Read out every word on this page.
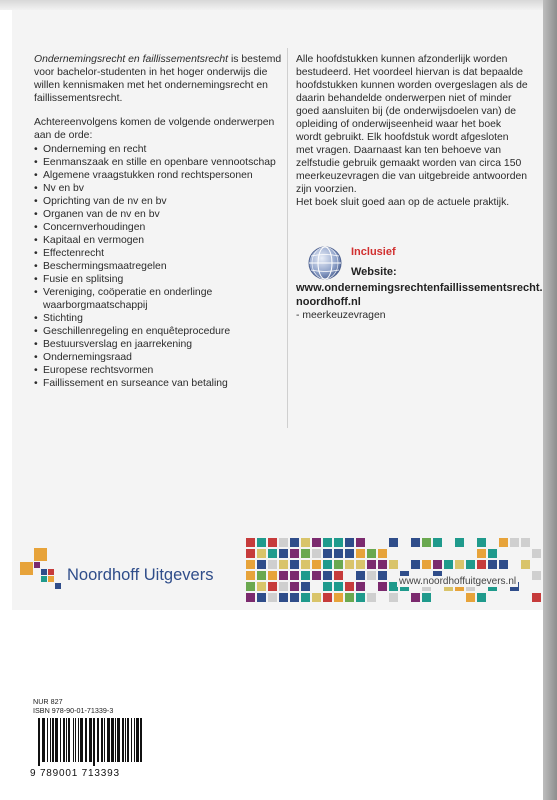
Ondernemingsrecht en faillissementsrecht is bestemd voor bachelor-studenten in het hoger onderwijs die willen kennismaken met het ondernemingsrecht en faillissementsrecht.

Achtereenvolgens komen de volgende onderwerpen aan de orde:

• Onderneming en recht
• Eenmanszaak en stille en openbare vennootschap
• Algemene vraagstukken rond rechtspersonen
• Nv en bv
• Oprichting van de nv en bv
• Organen van de nv en bv
• Concernverhoudingen
• Kapitaal en vermogen
• Effectenrecht
• Beschermingsmaatregelen
• Fusie en splitsing
• Vereniging, coöperatie en onderlinge
waarborgmaatschappij
• Stichting
• Geschillenregeling en enquêteprocedure
• Bestuursverslag en jaarrekening
• Ondernemingsraad
• Europese rechtsvormen
• Faillissement en surseance van betaling

Alle hoofdstukken kunnen afzonderlijk worden bestudeerd. Het voordeel hiervan is dat bepaalde hoofdstukken kunnen worden overgeslagen als de daarin behandelde onderwerpen niet of minder goed aansluiten bij (de onderwijsdoelen van) de opleiding of onderwijseenheid waar het boek wordt gebruikt. Elk hoofdstuk wordt afgesloten met vragen. Daarnaast kan ten behoeve van zelfstudie gebruik gemaakt worden van circa 150 meerkeuzevragen die van uitgebreide antwoorden zijn voorzien.
Het boek sluit goed aan op de actuele praktijk.

Inclusief
Website:
www.ondernemingsrechtenfaillissementsrecht.
noordhoff.nl
- meerkeuzevragen
Noordhoff Uitgevers	www.noordhoffuitgevers.nl
NUR 827
ISBN 978-90-01-71339-3
9 789001 713393
